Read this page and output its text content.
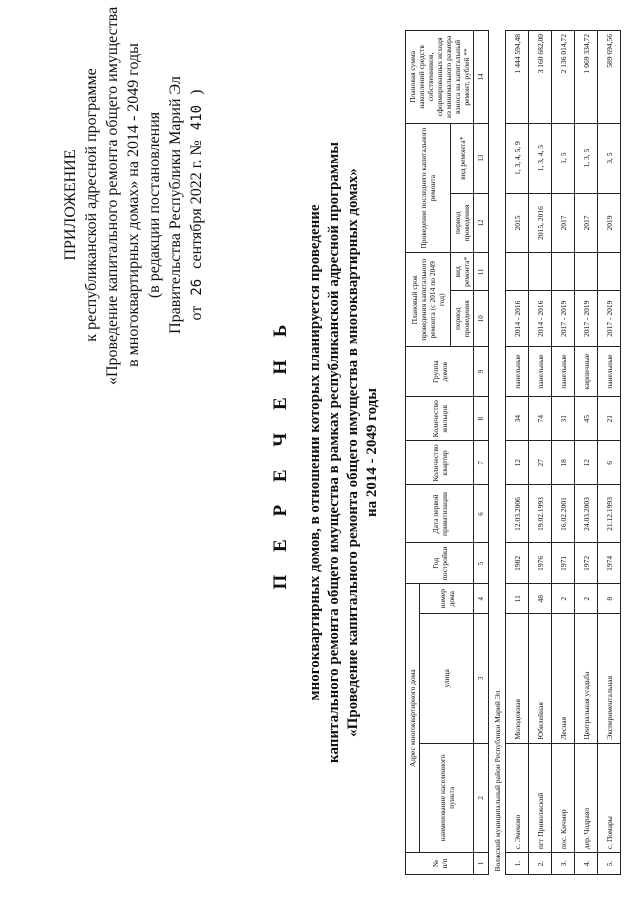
ПРИЛОЖЕНИЕ к республиканской адресной программе «Проведение капитального ремонта общего имущества в многоквартирных домах» на 2014 - 2049 годы (в редакции постановления Правительства Республики Марий Эл от 26 сентября 2022 г. № 410 )
П Е Р Е Ч Е Н Ь многоквартирных домов, в отношении которых планируется проведение капитального ремонта общего имущества в рамках республиканской адресной программы «Проведение капитального ремонта общего имущества в многоквартирных домах» на 2014 - 2049 годы
№ п/п	Адрес многоквартирного дома			Год постройки	Дата первой приватизации	Количество квартир	Количество жильцов	Группа домов	Плановый срок проведения капитального ремонта (с 2014 по 2049 год)		Проведение последнего капитального ремонта		Плановая сумма накоплений средств собственников, сформированных исходя из минимального размера взноса на капитальный ремонт, рублей **
	наименование населенного пункта	улица	номер дома										
									период проведения	вид ремонта*	период проведения	вид ремонта*	
1	2	3	4	5	6	7	8	9	10	11	12	13	14
Волжский муниципальный район Республики Марий Эл													
1.	с. Эмеково	Молодежная	11	1982	12.03.2006	12	34	панельные	2014 - 2016		2015	1, 3, 4, 5, 9	1 444 594,48
2.	пгт Приволжский	Юбилейная	48	1976	19.02.1993	27	74	панельные	2014 - 2016		2015, 2016	1, 3, 4, 5	3 160 682,00
3.	пос. Кичмер	Лесная	2	1971	16.02.2001	18	31	панельные	2017 - 2019		2017	1, 5	2 136 014,72
4.	дер. Чодраял	Центральная усадьба	2	1972	24.03.2003	12	45	кирпичные	2017 - 2019		2017	1, 3, 5	1 069 334,72
5.	с. Помары	Экспериментальная	8	1974	21.12.1993	6	21	панельные	2017 - 2019		2019	3, 5	589 694,56
